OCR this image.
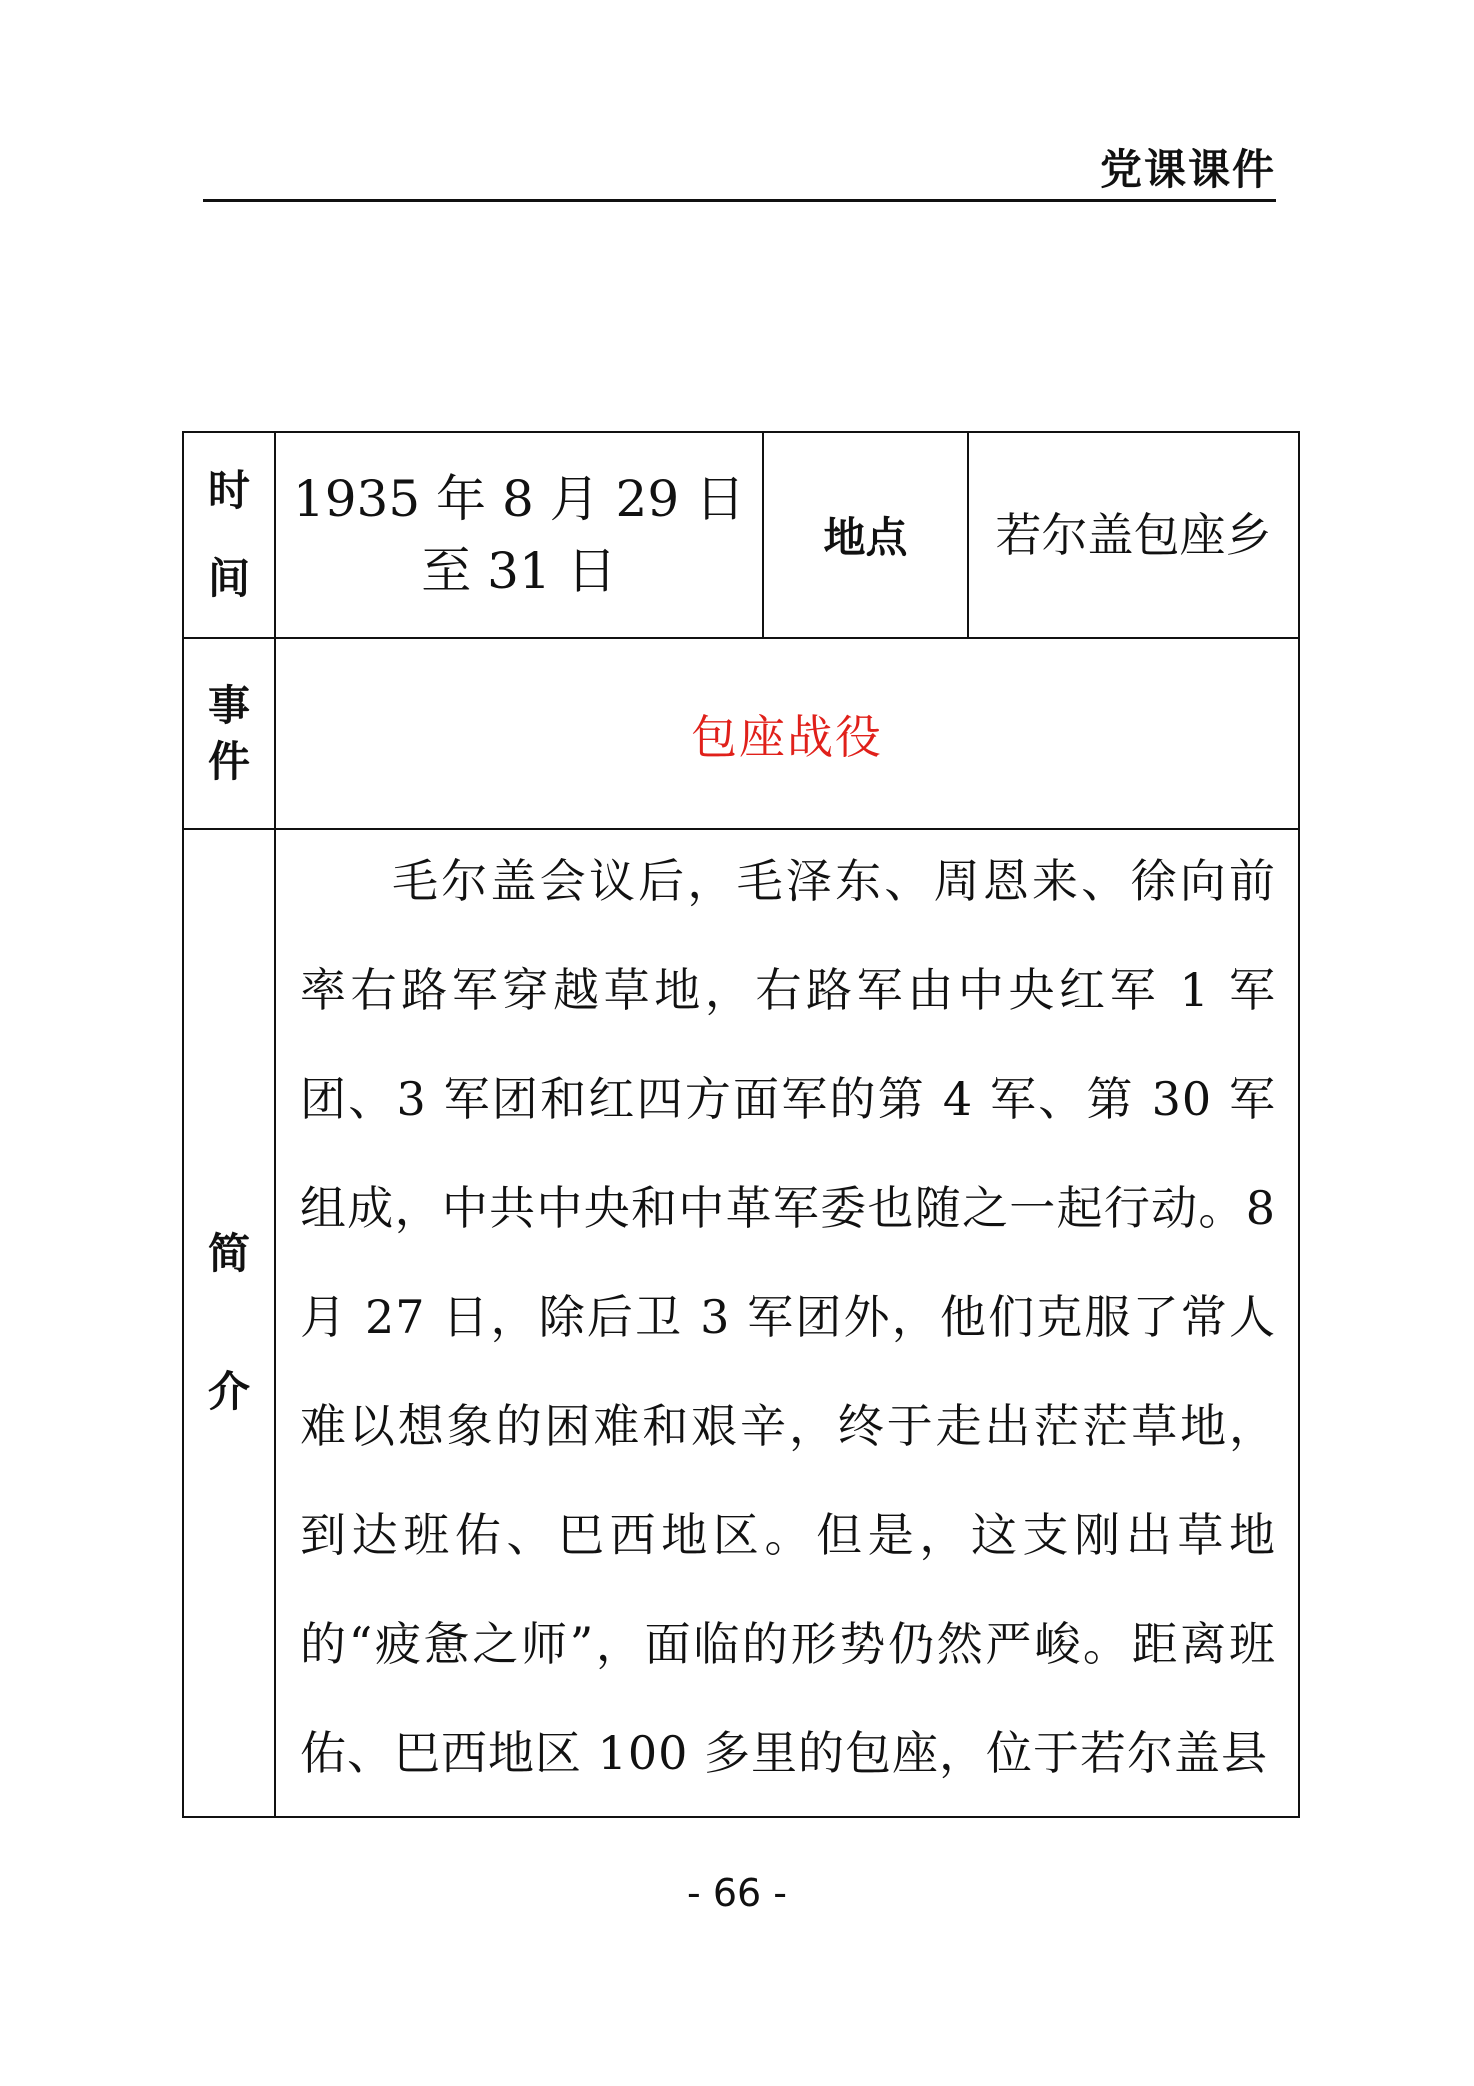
党课课件
时间	1935 年 8 月 29 日至 31 日	地点	若尔盖包座乡
事件	包座战役		
简介	毛尔盖会议后，毛泽东、周恩来、徐向前率右路军穿越草地，右路军由中央红军 1 军团、3 军团和红四方面军的第 4 军、第 30 军组成，中共中央和中革军委也随之一起行动。8 月 27 日，除后卫 3 军团外，他们克服了常人难以想象的困难和艰辛，终于走出茫茫草地，到达班佑、巴西地区。但是，这支刚出草地的“疲惫之师”，面临的形势仍然严峻。距离班佑、巴西地区 100 多里的包座，位于若尔盖县		

- 66 -
